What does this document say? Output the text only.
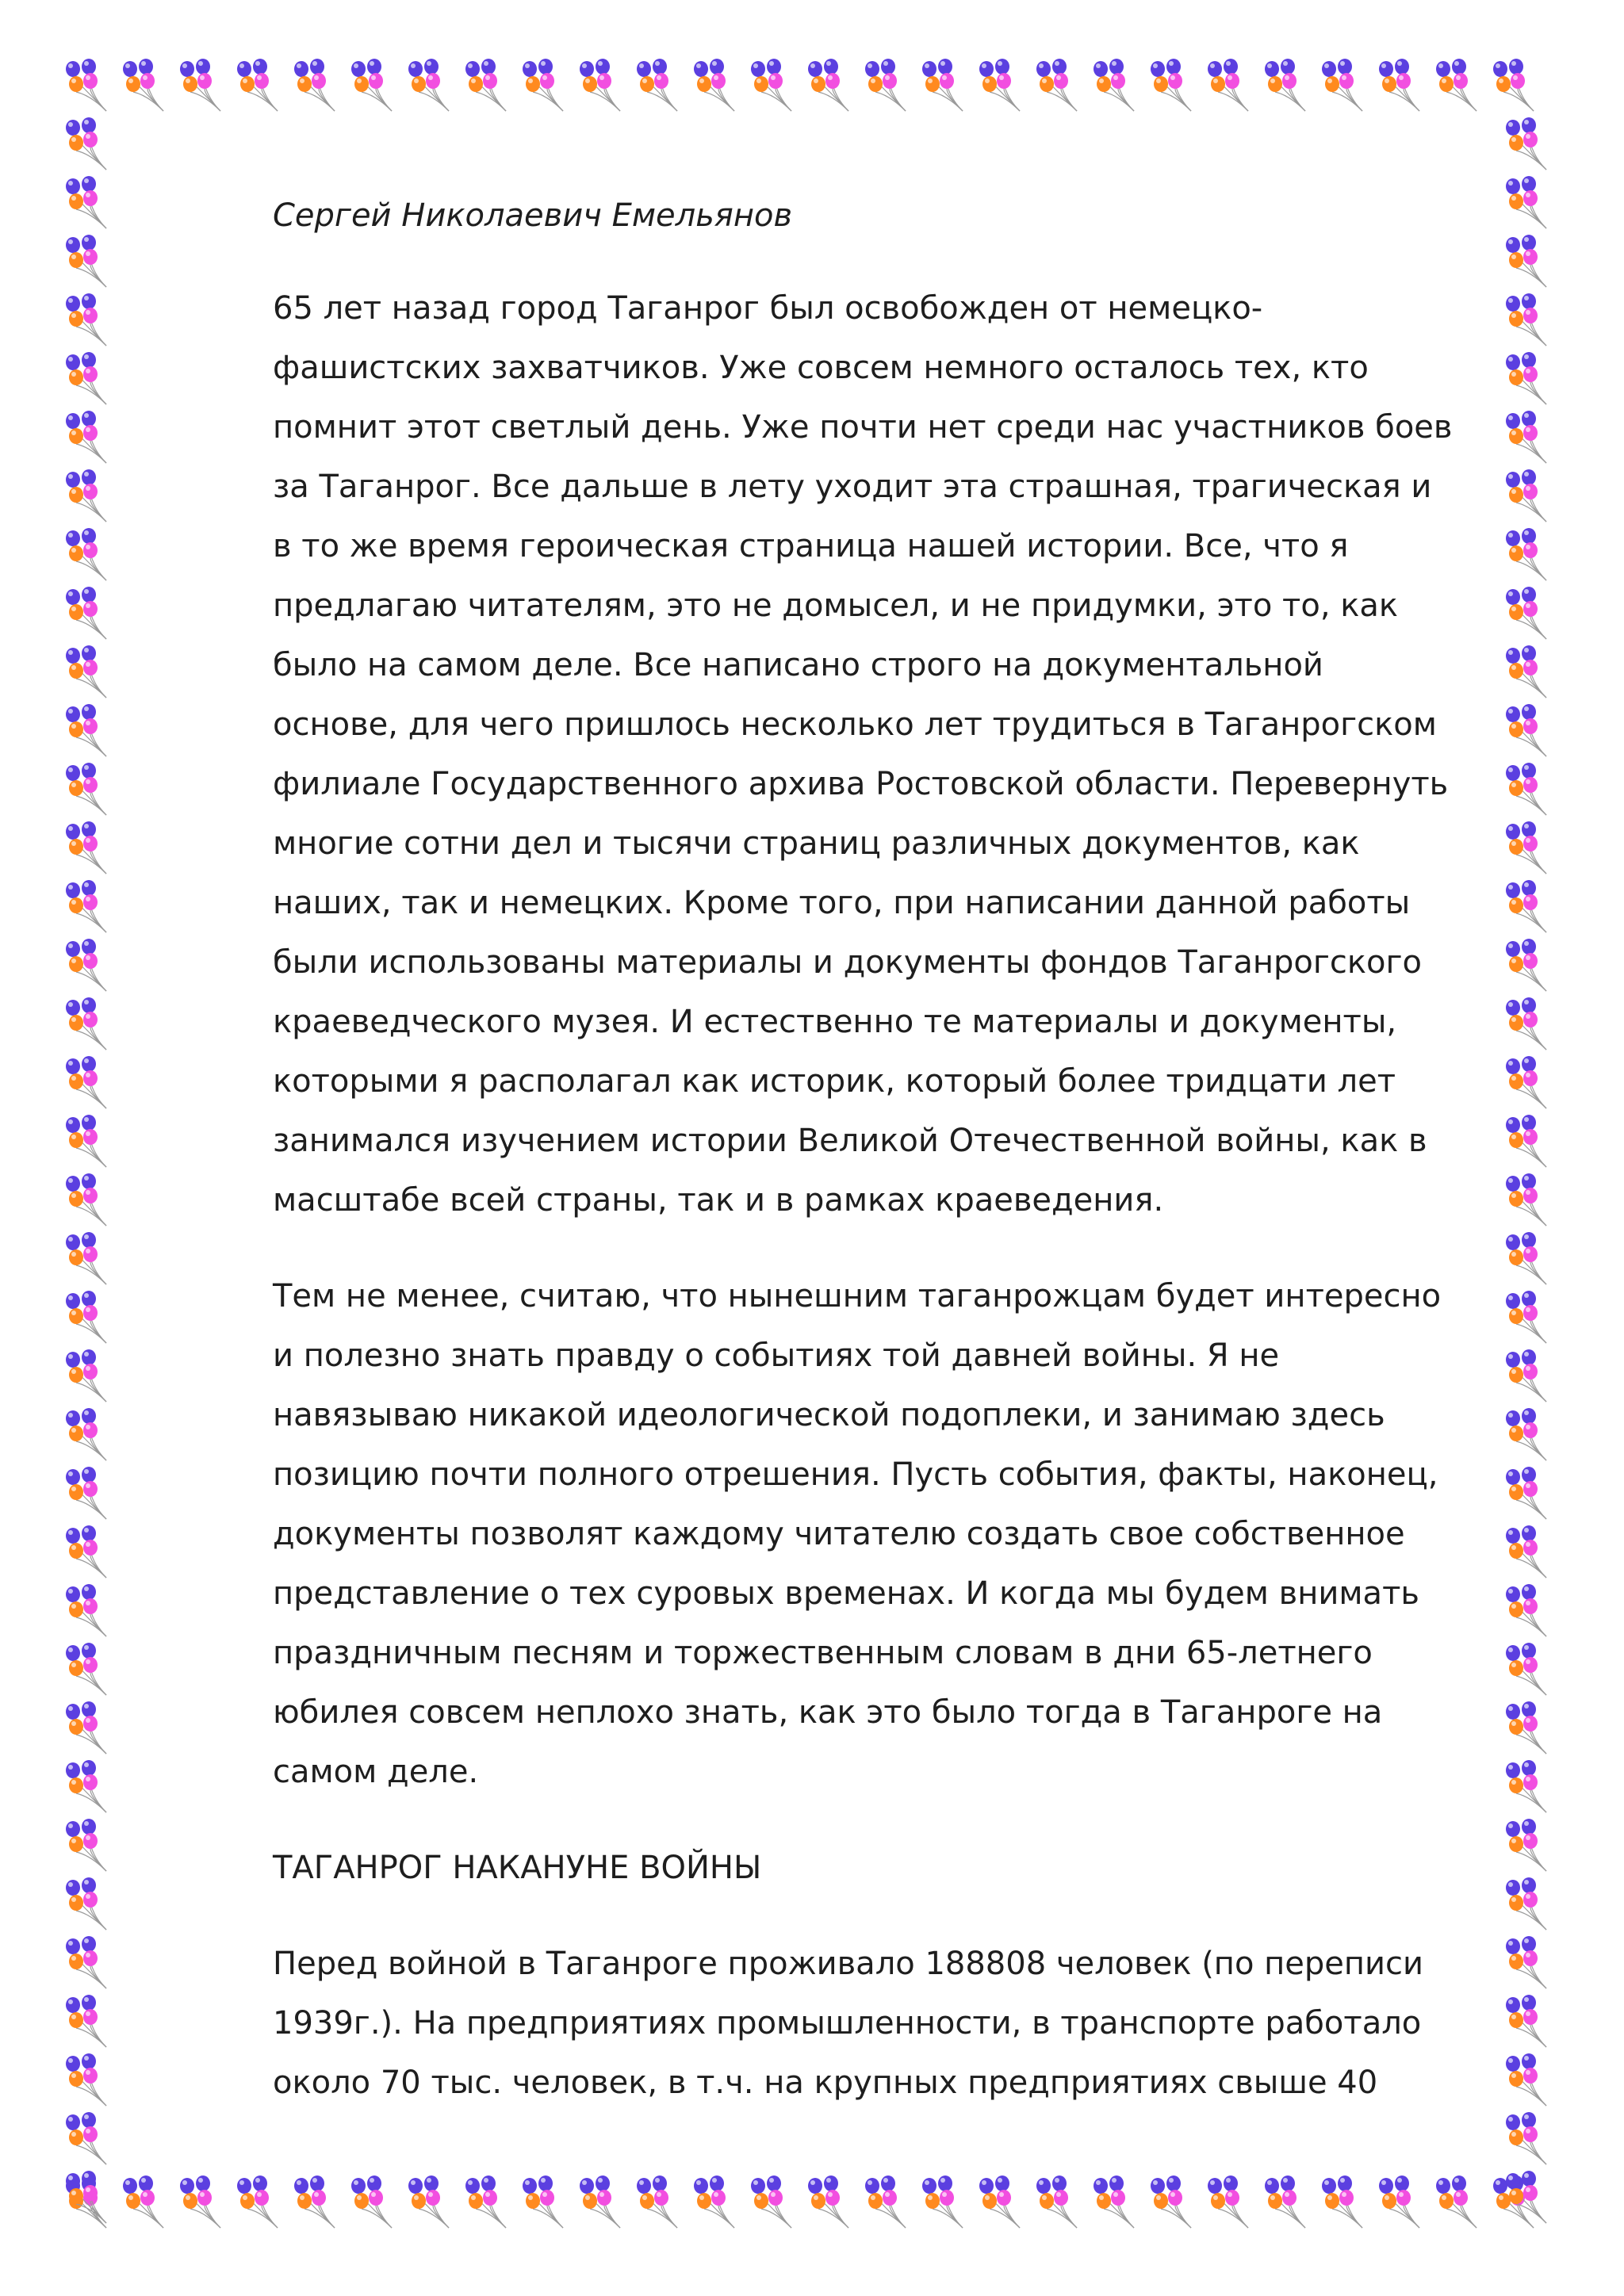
Сергей Николаевич Емельянов
65 лет назад город Таганрог был освобожден от немецко-
фашистских захватчиков. Уже совсем немного осталось тех, кто
помнит этот светлый день. Уже почти нет среди нас участников боев
за Таганрог. Все дальше в лету уходит эта страшная, трагическая и
в то же время героическая страница нашей истории. Все, что я
предлагаю читателям, это не домысел, и не придумки, это то, как
было на самом деле. Все написано строго на документальной
основе, для чего пришлось несколько лет трудиться в Таганрогском
филиале Государственного архива Ростовской области. Перевернуть
многие сотни дел и тысячи страниц различных документов, как
наших, так и немецких. Кроме того, при написании данной работы
были использованы материалы и документы фондов Таганрогского
краеведческого музея. И естественно те материалы и документы,
которыми я располагал как историк, который более тридцати лет
занимался изучением истории Великой Отечественной войны, как в
масштабе всей страны, так и в рамках краеведения.
Тем не менее, считаю, что нынешним таганрожцам будет интересно
и полезно знать правду о событиях той давней войны. Я не
навязываю никакой идеологической подоплеки, и занимаю здесь
позицию почти полного отрешения. Пусть события, факты, наконец,
документы позволят каждому читателю создать свое собственное
представление о тех суровых временах. И когда мы будем внимать
праздничным песням и торжественным словам в дни 65-летнего
юбилея совсем неплохо знать, как это было тогда в Таганроге на
самом деле.
ТАГАНРОГ НАКАНУНЕ ВОЙНЫ
Перед войной в Таганроге проживало 188808 человек (по переписи
1939г.). На предприятиях промышленности, в транспорте работало
около 70 тыс. человек, в т.ч. на крупных предприятиях свыше 40
